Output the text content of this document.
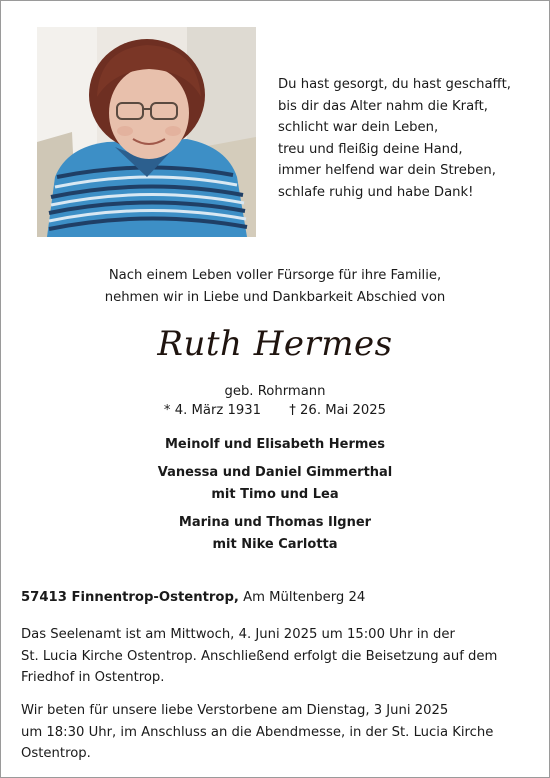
Du hast gesorgt, du hast geschafft,
bis dir das Alter nahm die Kraft,
schlicht war dein Leben,
treu und fleißig deine Hand,
immer helfend war dein Streben,
schlafe ruhig und habe Dank!
Nach einem Leben voller Fürsorge für ihre Familie,
nehmen wir in Liebe und Dankbarkeit Abschied von
Ruth Hermes
geb. Rohrmann
* 4. März 1931 † 26. Mai 2025
Meinolf und Elisabeth Hermes
Vanessa und Daniel Gimmerthal
mit Timo und Lea
Marina und Thomas Ilgner
mit Nike Carlotta
57413 Finnentrop-Ostentrop, Am Mültenberg 24
Das Seelenamt ist am Mittwoch, 4. Juni 2025 um 15:00 Uhr in der
St. Lucia Kirche Ostentrop. Anschließend erfolgt die Beisetzung auf dem
Friedhof in Ostentrop.
Wir beten für unsere liebe Verstorbene am Dienstag, 3 Juni 2025
um 18:30 Uhr, im Anschluss an die Abendmesse, in der St. Lucia Kirche
Ostentrop.
